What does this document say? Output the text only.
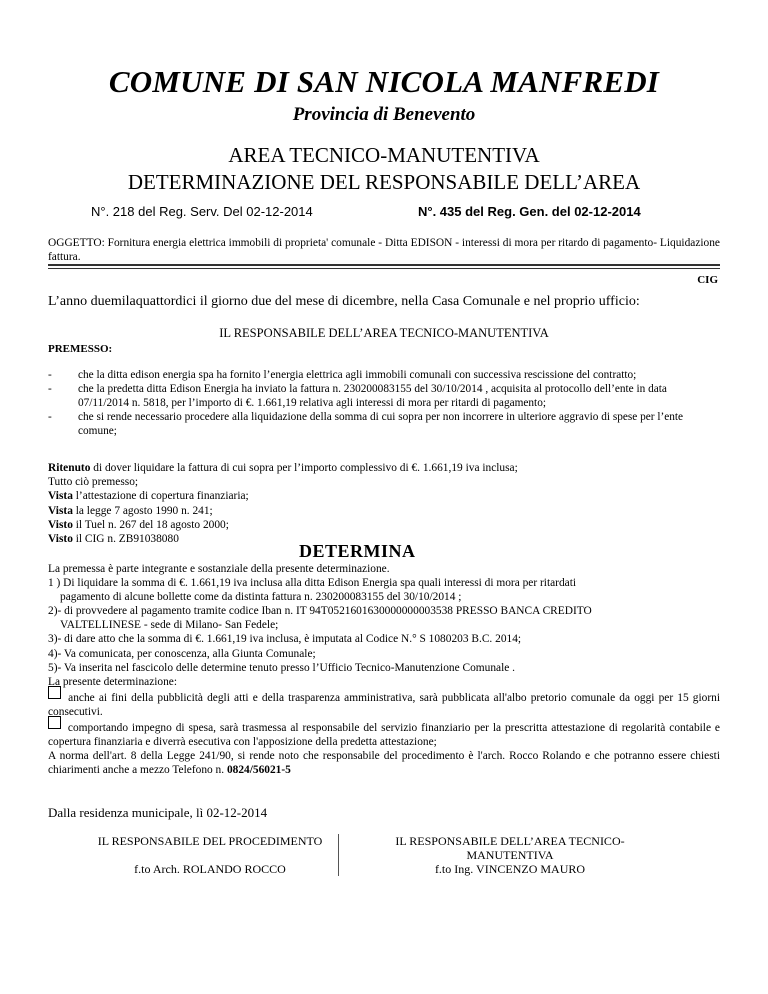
COMUNE DI SAN NICOLA MANFREDI
Provincia di Benevento
AREA TECNICO-MANUTENTIVA
DETERMINAZIONE DEL RESPONSABILE DELL’AREA
N°. 218 del Reg. Serv. Del 02-12-2014	N°. 435 del Reg. Gen. del 02-12-2014
OGGETTO: Fornitura energia elettrica immobili di proprieta' comunale - Ditta EDISON - interessi di mora per ritardo di pagamento- Liquidazione fattura.
CIG
L’anno duemilaquattordici il giorno due del mese di dicembre, nella Casa Comunale e nel proprio ufficio:
IL RESPONSABILE DELL’AREA TECNICO-MANUTENTIVA
PREMESSO:
- che la ditta edison energia spa ha fornito l’energia elettrica agli immobili comunali con successiva rescissione del contratto;
- che la predetta ditta Edison Energia ha inviato la fattura n. 230200083155 del 30/10/2014 , acquisita al protocollo dell’ente in data 07/11/2014 n. 5818, per l’importo di €. 1.661,19 relativa agli interessi di mora per ritardi di pagamento;
- che si rende necessario procedere alla liquidazione della somma di cui sopra per non incorrere in ulteriore aggravio di spese per l’ente comune;
Ritenuto di dover liquidare la fattura di cui sopra per l’importo complessivo di €. 1.661,19 iva inclusa;
Tutto ciò premesso;
Vista l’attestazione di copertura finanziaria;
Vista la legge 7 agosto 1990 n. 241;
Visto il Tuel n. 267 del 18 agosto 2000;
Visto il CIG n. ZB91038080
DETERMINA
La premessa è parte integrante e sostanziale della presente determinazione.
1 ) Di liquidare la somma di €. 1.661,19 iva inclusa alla ditta Edison Energia spa quali interessi di mora per ritardati
pagamento di alcune bollette come da distinta fattura n. 230200083155 del 30/10/2014 ;
2)- di provvedere al pagamento tramite codice Iban n. IT 94T0521601630000000003538 PRESSO BANCA CREDITO
VALTELLINESE - sede di Milano- San Fedele;
3)- di dare atto che la somma di €. 1.661,19 iva inclusa, è imputata al Codice N.° S 1080203 B.C. 2014;
4)- Va comunicata, per conoscenza, alla Giunta Comunale;
5)- Va inserita nel fascicolo delle determine tenuto presso l’Ufficio Tecnico-Manutenzione Comunale .
La presente determinazione:
anche ai fini della pubblicità degli atti e della trasparenza amministrativa, sarà pubblicata all'albo pretorio comunale da oggi per 15 giorni consecutivi.
comportando impegno di spesa, sarà trasmessa al responsabile del servizio finanziario per la prescritta attestazione di regolarità contabile e copertura finanziaria e diverrà esecutiva con l'apposizione della predetta attestazione;
A norma dell'art. 8 della Legge 241/90, si rende noto che responsabile del procedimento è l'arch. Rocco Rolando e che potranno essere chiesti chiarimenti anche a mezzo Telefono n. 0824/56021-5
Dalla residenza municipale, lì 02-12-2014
IL RESPONSABILE DEL PROCEDIMENTO
f.to Arch. ROLANDO ROCCO
IL RESPONSABILE DELL’AREA TECNICO-
MANUTENTIVA
f.to Ing. VINCENZO MAURO
